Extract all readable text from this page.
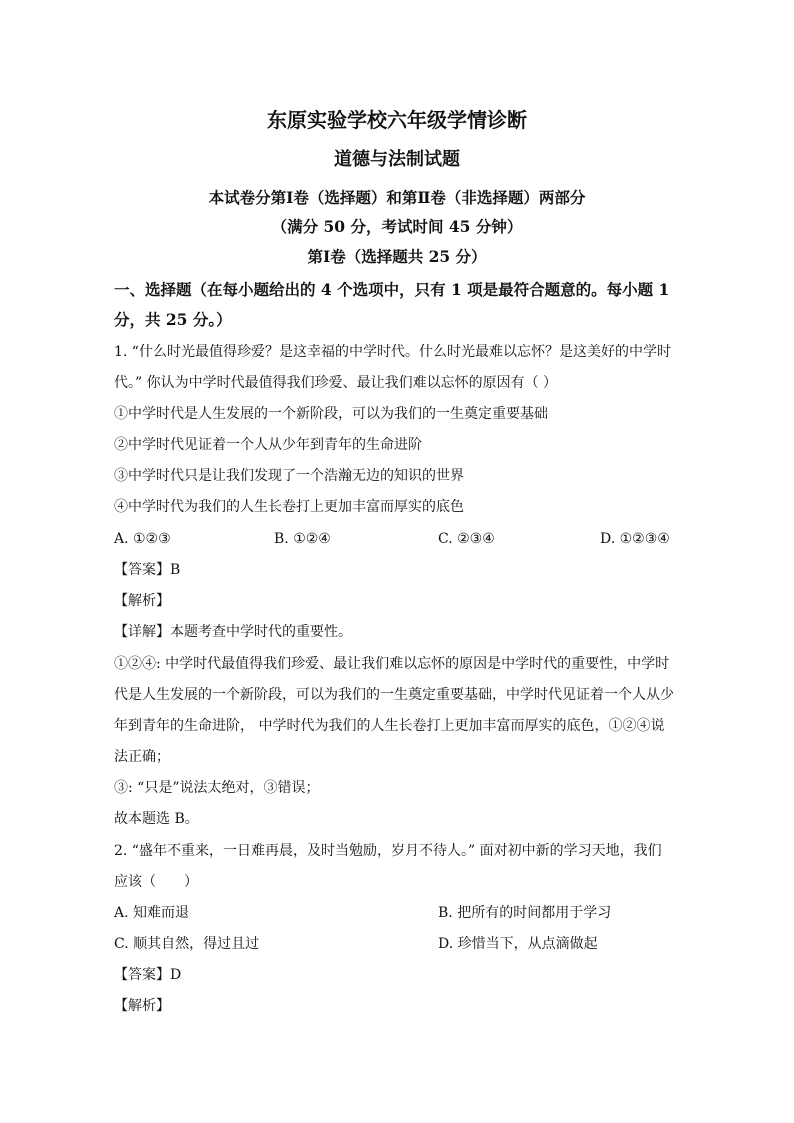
东原实验学校六年级学情诊断
道德与法制试题
本试卷分第Ⅰ卷（选择题）和第Ⅱ卷（非选择题）两部分
（满分 50 分，考试时间 45 分钟）
第Ⅰ卷（选择题共 25 分）
一、选择题（在每小题给出的 4 个选项中，只有 1 项是最符合题意的。每小题 1
分，共 25 分。）
1. “什么时光最值得珍爱？是这幸福的中学时代。什么时光最难以忘怀？是这美好的中学时
代。” 你认为中学时代最值得我们珍爱、最让我们难以忘怀的原因有（ ）
①中学时代是人生发展的一个新阶段，可以为我们的一生奠定重要基础
②中学时代见证着一个人从少年到青年的生命进阶
③中学时代只是让我们发现了一个浩瀚无边的知识的世界
④中学时代为我们的人生长卷打上更加丰富而厚实的底色
A. ①②③	B. ①②④	C. ②③④	D. ①②③④
【答案】B
【解析】
【详解】本题考查中学时代的重要性。
①②④: 中学时代最值得我们珍爱、最让我们难以忘怀的原因是中学时代的重要性，中学时
代是人生发展的一个新阶段，可以为我们的一生奠定重要基础，中学时代见证着一个人从少
年到青年的生命进阶， 中学时代为我们的人生长卷打上更加丰富而厚实的底色，①②④说
法正确；
③: “只是”说法太绝对，③错误；
故本题选 B。
2. “盛年不重来，一日难再晨，及时当勉励，岁月不待人。” 面对初中新的学习天地，我们
应该（　　）
A. 知难而退	B. 把所有的时间都用于学习
C. 顺其自然，得过且过	D. 珍惜当下，从点滴做起
【答案】D
【解析】
